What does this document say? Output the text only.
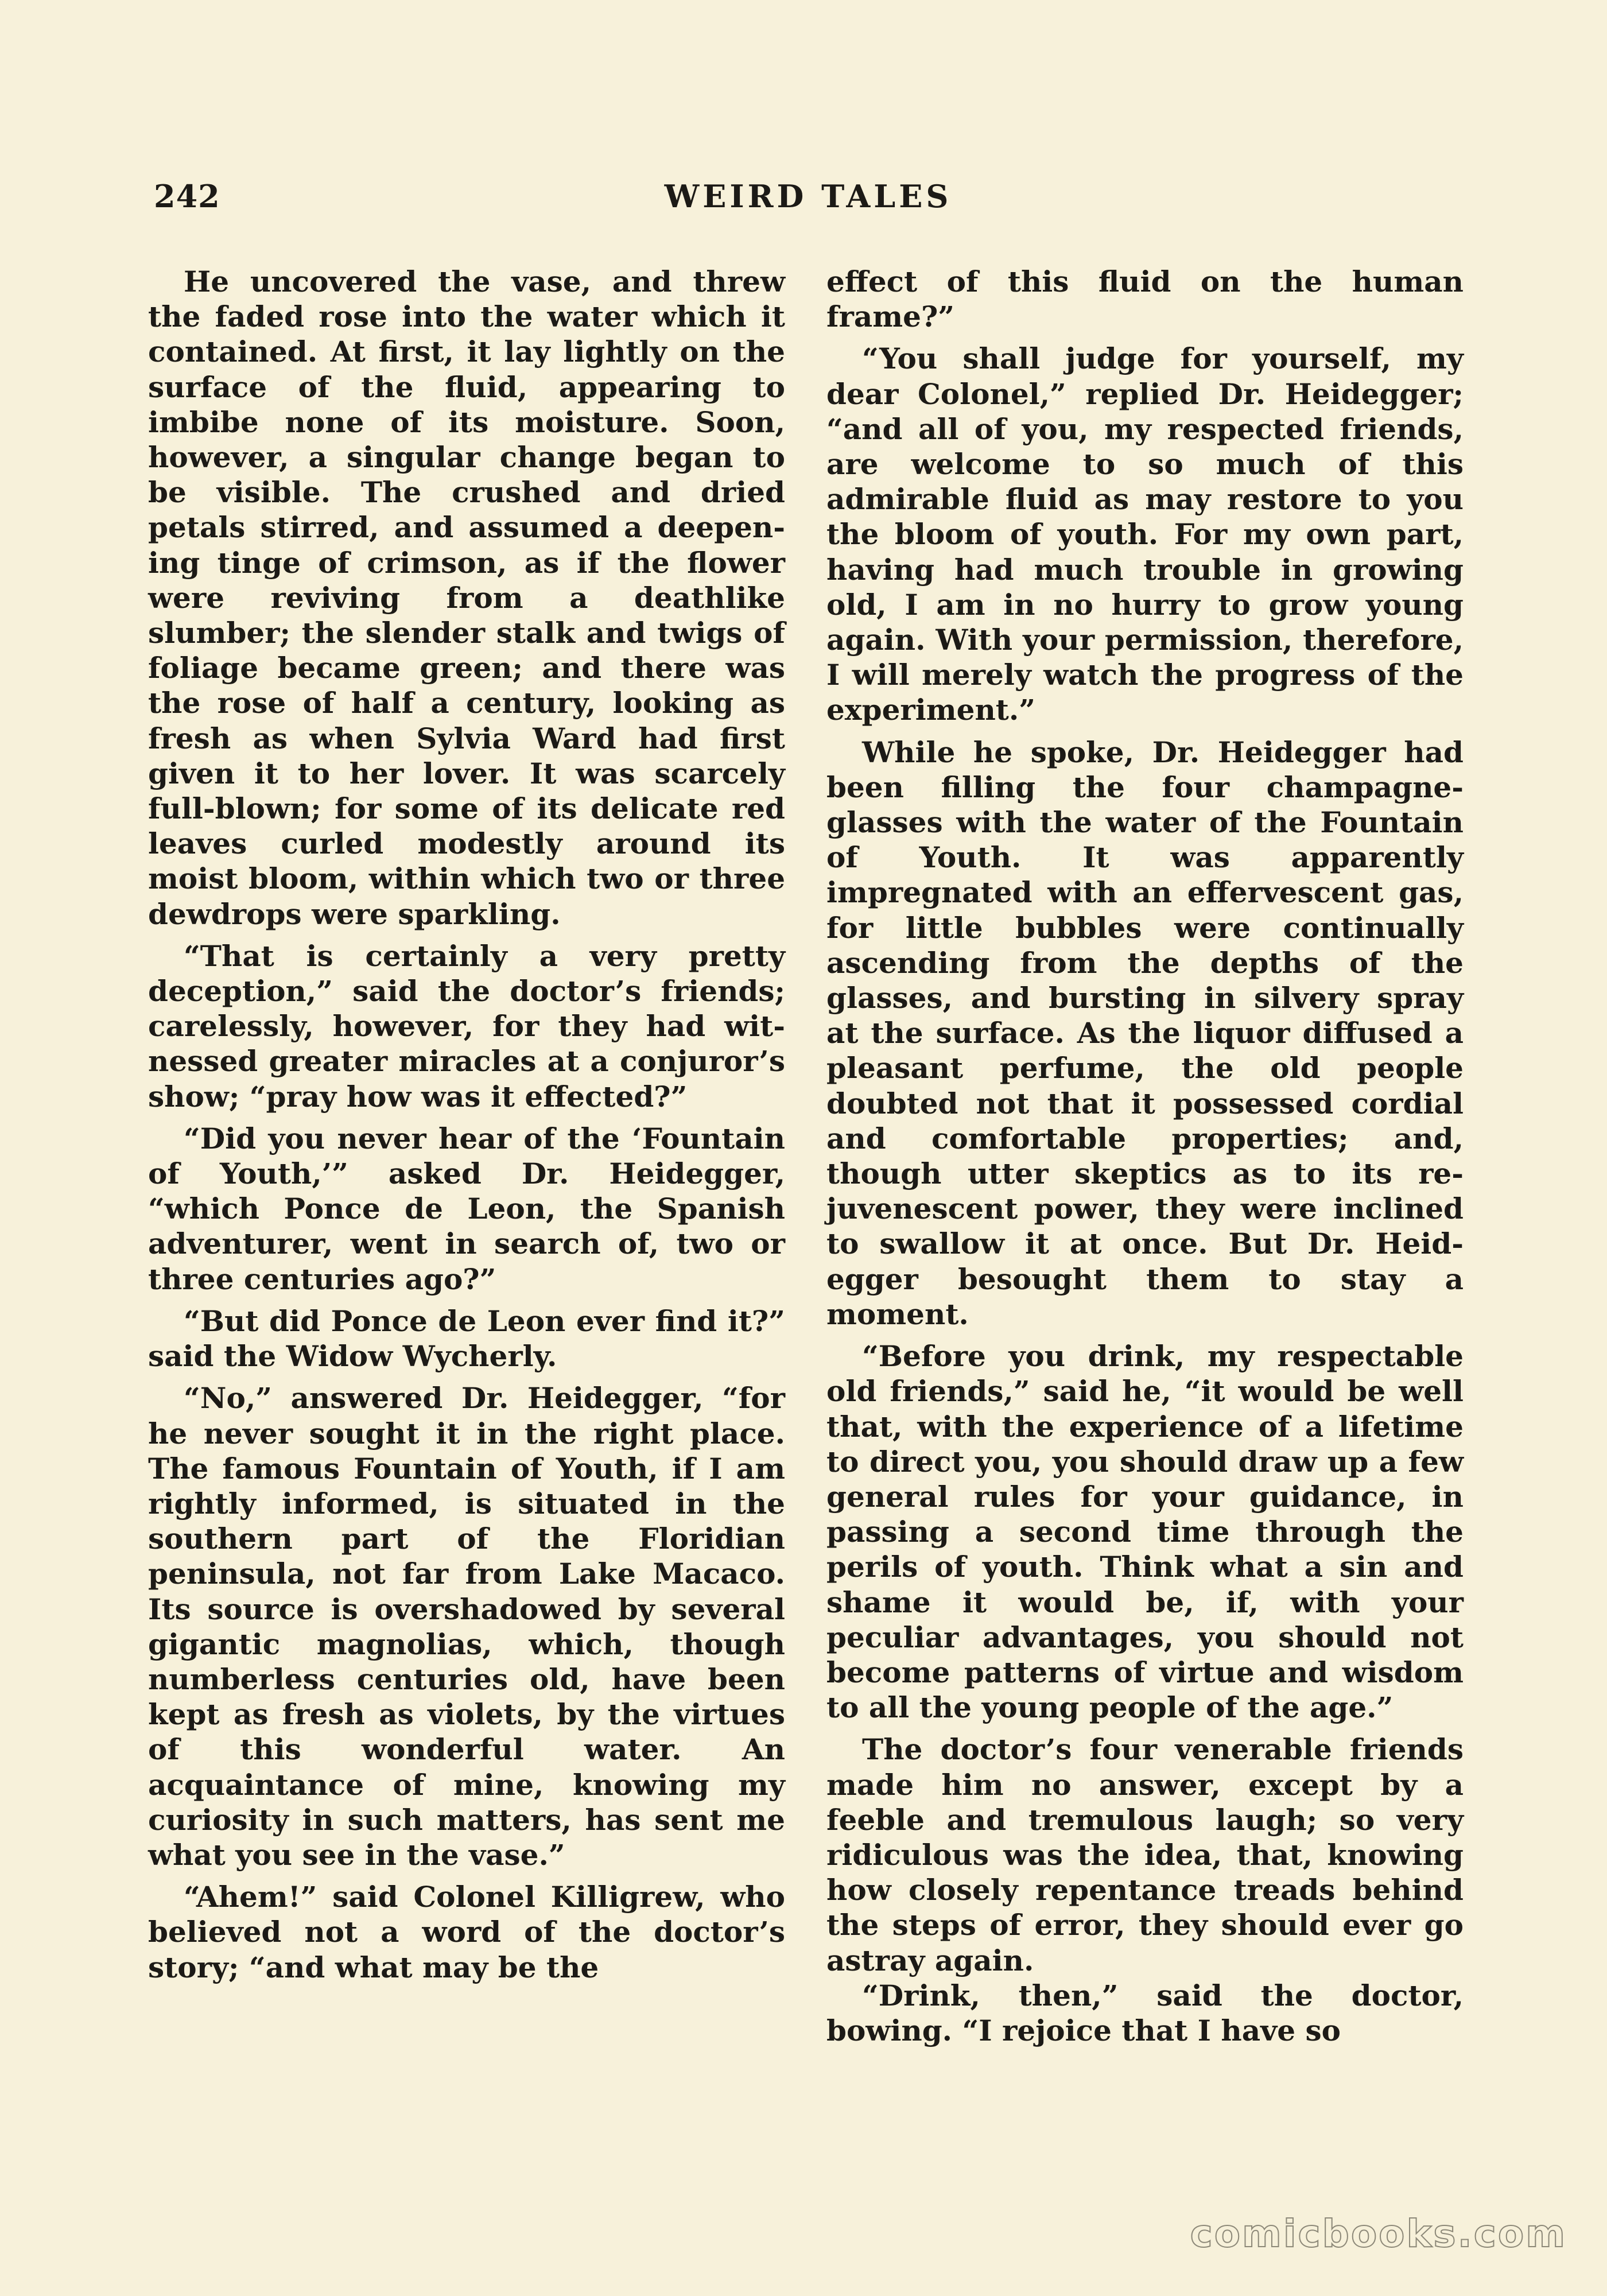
242	WEIRD TALES

He uncovered the vase, and threw the faded rose into the water which it contained. At first, it lay lightly on the surface of the fluid, appearing to imbibe none of its moisture. Soon, however, a singular change began to be visible. The crushed and dried petals stirred, and assumed a deepening tinge of crimson, as if the flower were reviving from a deathlike slumber; the slender stalk and twigs of foliage became green; and there was the rose of half a century, looking as fresh as when Sylvia Ward had first given it to her lover. It was scarcely full-blown; for some of its delicate red leaves curled modestly around its moist bloom, within which two or three dewdrops were sparkling.

“That is certainly a very pretty deception,” said the doctor’s friends; carelessly, however, for they had witnessed greater miracles at a conjuror’s show; “pray how was it effected?”

“Did you never hear of the ‘Fountain of Youth,’” asked Dr. Heidegger, “which Ponce de Leon, the Spanish adventurer, went in search of, two or three centuries ago?”

“But did Ponce de Leon ever find it?” said the Widow Wycherly.

“No,” answered Dr. Heidegger, “for he never sought it in the right place. The famous Fountain of Youth, if I am rightly informed, is situated in the southern part of the Floridian peninsula, not far from Lake Macaco. Its source is overshadowed by several gigantic magnolias, which, though numberless centuries old, have been kept as fresh as violets, by the virtues of this wonderful water. An acquaintance of mine, knowing my curiosity in such matters, has sent me what you see in the vase.”

“Ahem!” said Colonel Killigrew, who believed not a word of the doctor’s story; “and what may be the

effect of this fluid on the human frame?”

“You shall judge for yourself, my dear Colonel,” replied Dr. Heidegger; “and all of you, my respected friends, are welcome to so much of this admirable fluid as may restore to you the bloom of youth. For my own part, having had much trouble in growing old, I am in no hurry to grow young again. With your permission, therefore, I will merely watch the progress of the experiment.”

While he spoke, Dr. Heidegger had been filling the four champagne-glasses with the water of the Fountain of Youth. It was apparently impregnated with an effervescent gas, for little bubbles were continually ascending from the depths of the glasses, and bursting in silvery spray at the surface. As the liquor diffused a pleasant perfume, the old people doubted not that it possessed cordial and comfortable properties; and, though utter skeptics as to its rejuvenescent power, they were inclined to swallow it at once. But Dr. Heidegger besought them to stay a moment.

“Before you drink, my respectable old friends,” said he, “it would be well that, with the experience of a lifetime to direct you, you should draw up a few general rules for your guidance, in passing a second time through the perils of youth. Think what a sin and shame it would be, if, with your peculiar advantages, you should not become patterns of virtue and wisdom to all the young people of the age.”

The doctor’s four venerable friends made him no answer, except by a feeble and tremulous laugh; so very ridiculous was the idea, that, knowing how closely repentance treads behind the steps of error, they should ever go astray again.

“Drink, then,” said the doctor, bowing. “I rejoice that I have so

comicbooks.com
